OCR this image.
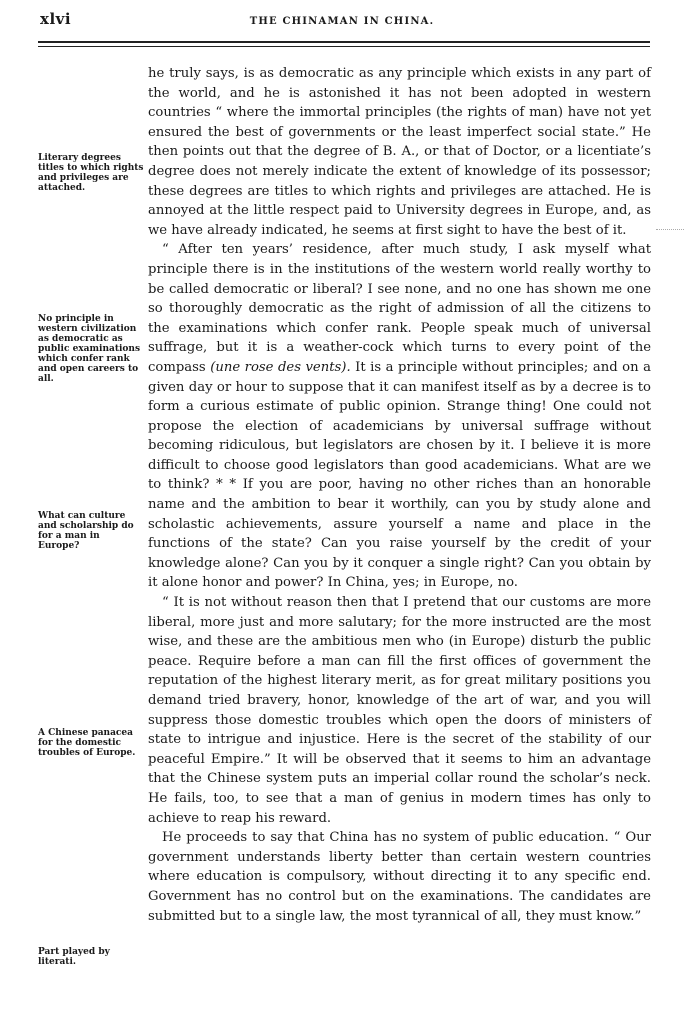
xlvi	THE CHINAMAN IN CHINA.
Literary degrees titles to which rights and privileges are attached.
No principle in western civilization as democratic as public examinations which confer rank and open careers to all.
What can culture and scholarship do for a man in Europe?
A Chinese panacea for the domestic troubles of Europe.
Part played by literati.

he truly says, is as democratic as any principle which exists in any part of the world, and he is astonished it has not been adopted in western countries “ where the immortal principles (the rights of man) have not yet ensured the best of governments or the least imperfect social state.” He then points out that the degree of B. A., or that of Doctor, or a licentiate’s degree does not merely indicate the extent of knowledge of its possessor; these degrees are titles to which rights and privileges are attached. He is annoyed at the little respect paid to University degrees in Europe, and, as we have already indicated, he seems at first sight to have the best of it.

“ After ten years’ residence, after much study, I ask myself what principle there is in the institutions of the western world really worthy to be called democratic or liberal? I see none, and no one has shown me one so thoroughly democratic as the right of admission of all the citizens to the examinations which confer rank. People speak much of universal suffrage, but it is a weather-cock which turns to every point of the compass (une rose des vents). It is a principle without principles; and on a given day or hour to suppose that it can manifest itself as by a decree is to form a curious estimate of public opinion. Strange thing! One could not propose the election of academicians by universal suffrage without becoming ridiculous, but legislators are chosen by it. I believe it is more difficult to choose good legislators than good academicians. What are we to think? * * If you are poor, having no other riches than an honorable name and the ambition to bear it worthily, can you by study alone and scholastic achievements, assure yourself a name and place in the functions of the state? Can you raise yourself by the credit of your knowledge alone? Can you by it conquer a single right? Can you obtain by it alone honor and power? In China, yes; in Europe, no.

“ It is not without reason then that I pretend that our customs are more liberal, more just and more salutary; for the more instructed are the most wise, and these are the ambitious men who (in Europe) disturb the public peace. Require before a man can fill the first offices of government the reputation of the highest literary merit, as for great military positions you demand tried bravery, honor, knowledge of the art of war, and you will suppress those domestic troubles which open the doors of ministers of state to intrigue and injustice. Here is the secret of the stability of our peaceful Empire.” It will be observed that it seems to him an advantage that the Chinese system puts an imperial collar round the scholar’s neck. He fails, too, to see that a man of genius in modern times has only to achieve to reap his reward.

He proceeds to say that China has no system of public education. “ Our government understands liberty better than certain western countries where education is compulsory, without directing it to any specific end. Government has no control but on the examinations. The candidates are submitted but to a single law, the most tyrannical of all, they must know.”
